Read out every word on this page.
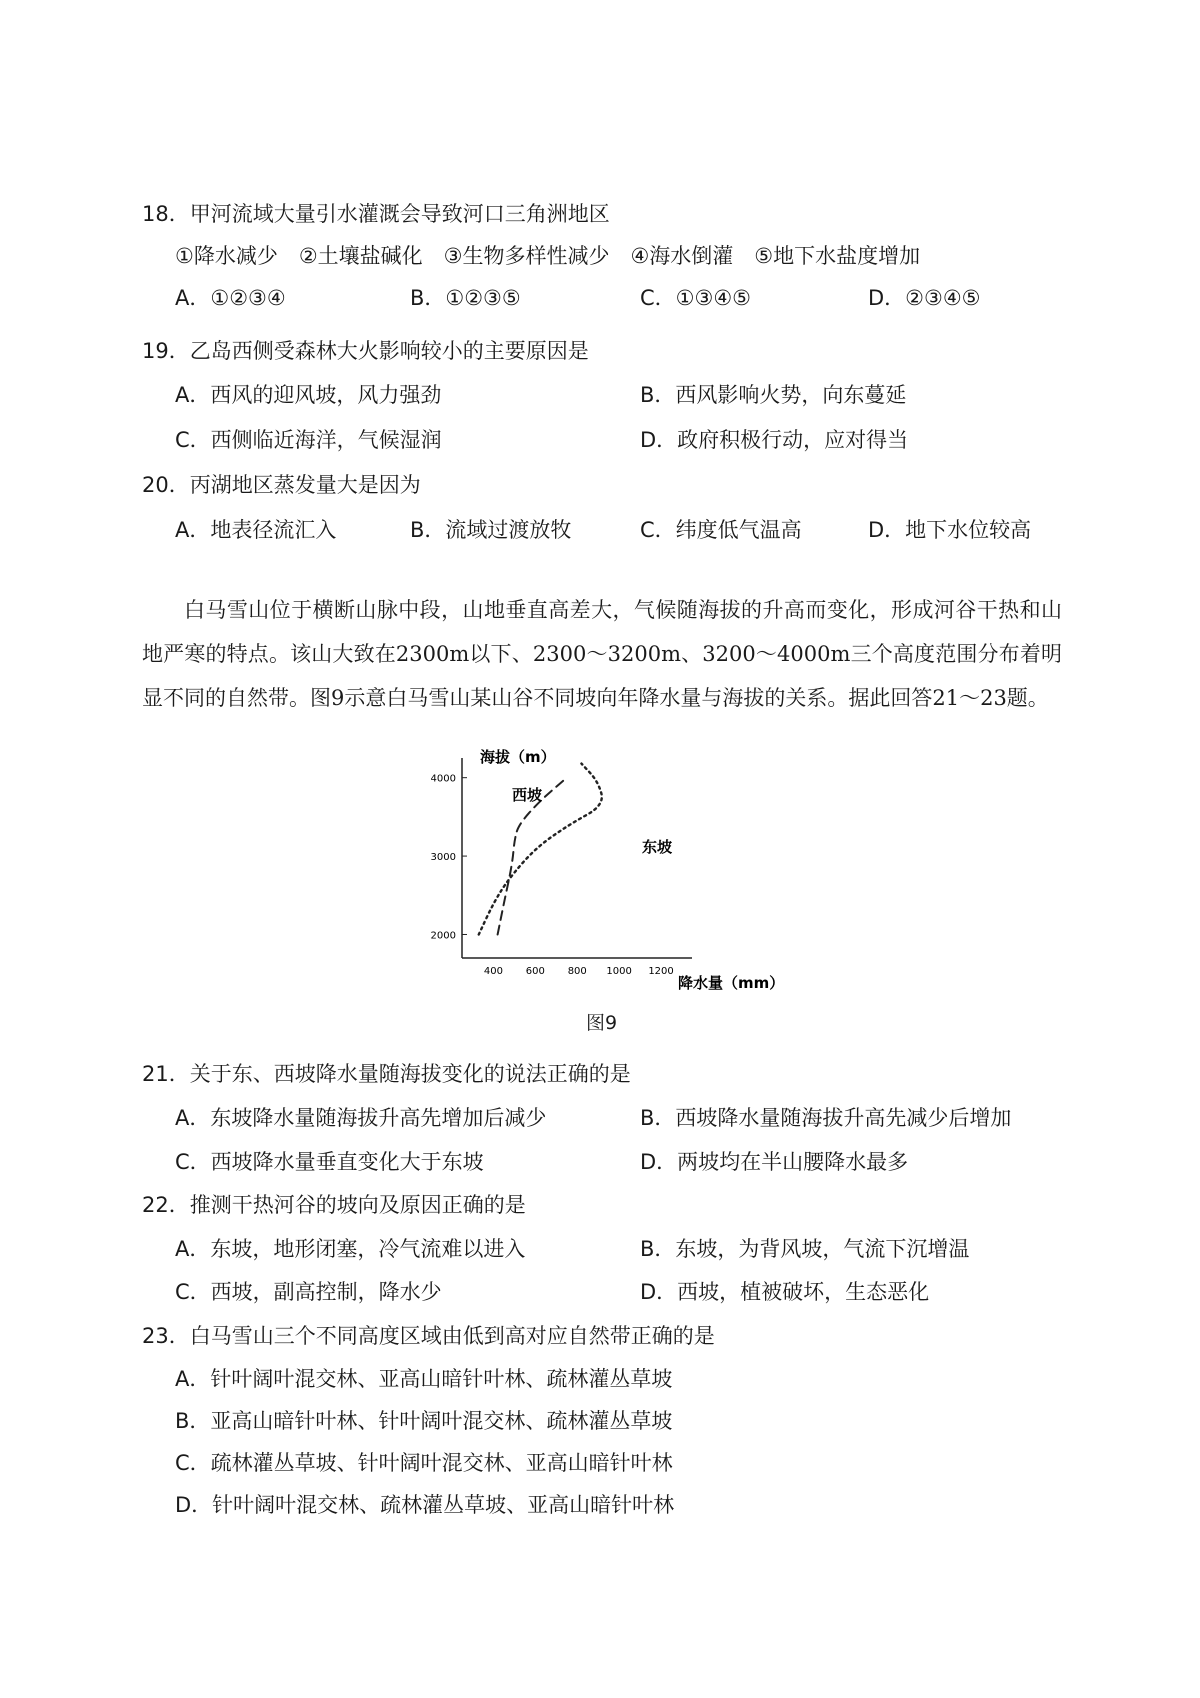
18．甲河流域大量引水灌溉会导致河口三角洲地区
①降水减少　②土壤盐碱化　③生物多样性减少　④海水倒灌　⑤地下水盐度增加
A．①②③④	B．①②③⑤	C．①③④⑤	D．②③④⑤
19．乙岛西侧受森林大火影响较小的主要原因是
A．西风的迎风坡，风力强劲	B．西风影响火势，向东蔓延
C．西侧临近海洋，气候湿润	D．政府积极行动，应对得当
20．丙湖地区蒸发量大是因为
A．地表径流汇入	B．流域过渡放牧	C．纬度低气温高	D．地下水位较高
白马雪山位于横断山脉中段，山地垂直高差大，气候随海拔的升高而变化，形成河谷干热和山地严寒的特点。该山大致在2300m以下、2300～3200m、3200～4000m三个高度范围分布着明显不同的自然带。图9示意白马雪山某山谷不同坡向年降水量与海拔的关系。据此回答21～23题。
2000
3000
4000
400 600 800 1000 1200
海拔（m）
降水量（mm）
西坡
东坡
图9
21．关于东、西坡降水量随海拔变化的说法正确的是
A．东坡降水量随海拔升高先增加后减少	B．西坡降水量随海拔升高先减少后增加
C．西坡降水量垂直变化大于东坡	D．两坡均在半山腰降水最多
22．推测干热河谷的坡向及原因正确的是
A．东坡，地形闭塞，冷气流难以进入	B．东坡，为背风坡，气流下沉增温
C．西坡，副高控制，降水少	D．西坡，植被破坏，生态恶化
23．白马雪山三个不同高度区域由低到高对应自然带正确的是
A．针叶阔叶混交林、亚高山暗针叶林、疏林灌丛草坡
B．亚高山暗针叶林、针叶阔叶混交林、疏林灌丛草坡
C．疏林灌丛草坡、针叶阔叶混交林、亚高山暗针叶林
D．针叶阔叶混交林、疏林灌丛草坡、亚高山暗针叶林
